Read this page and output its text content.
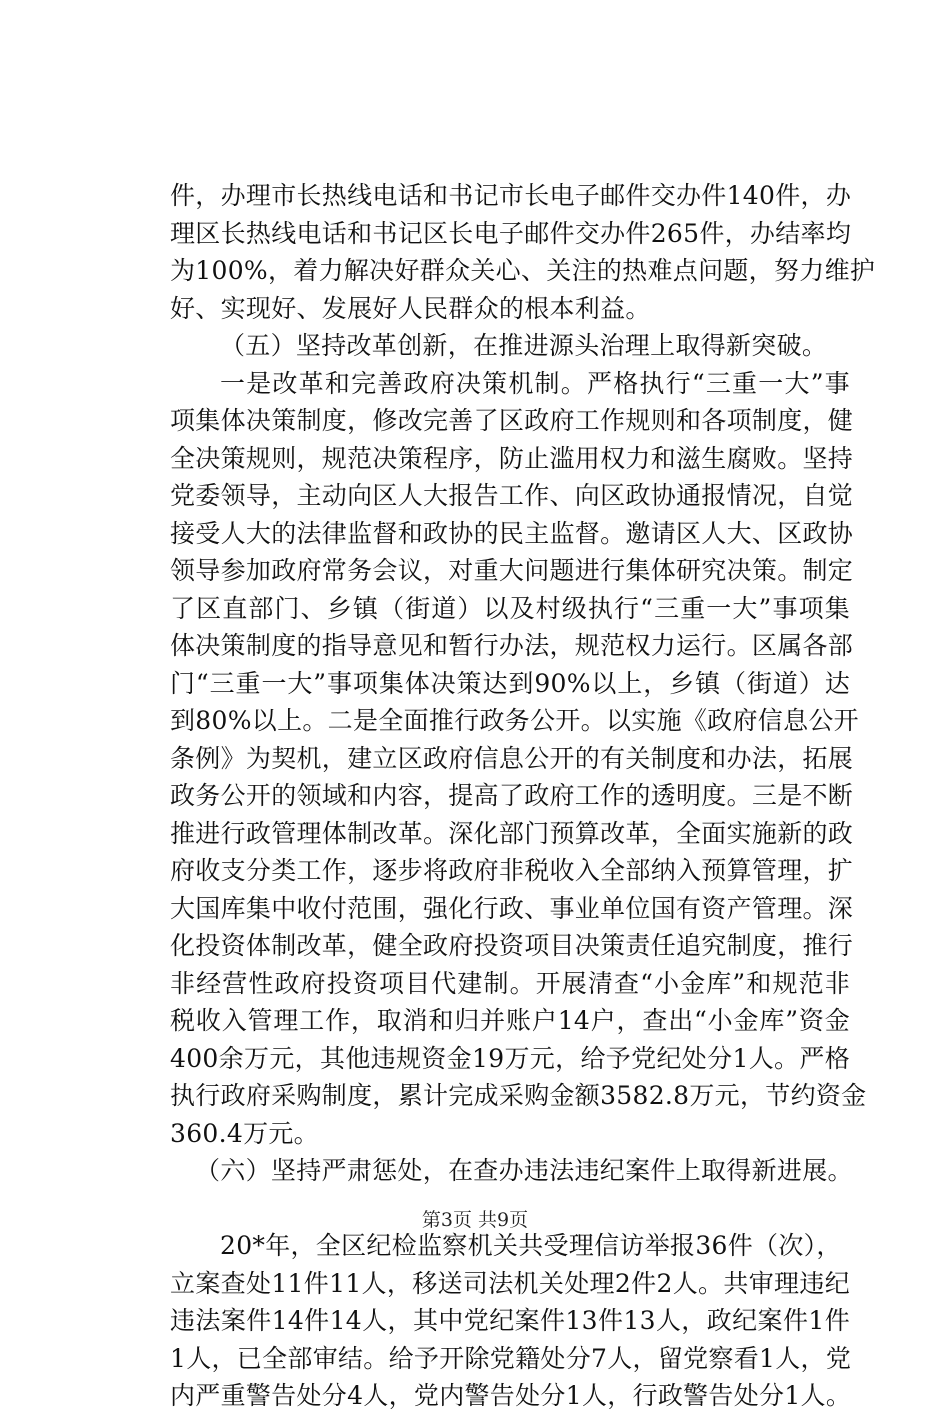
件，办理市长热线电话和书记市长电子邮件交办件140件，办
理区长热线电话和书记区长电子邮件交办件265件，办结率均
为100%，着力解决好群众关心、关注的热难点问题，努力维护
好、实现好、发展好人民群众的根本利益。
（五）坚持改革创新，在推进源头治理上取得新突破。
一是改革和完善政府决策机制。严格执行“三重一大”事
项集体决策制度，修改完善了区政府工作规则和各项制度，健
全决策规则，规范决策程序，防止滥用权力和滋生腐败。坚持
党委领导，主动向区人大报告工作、向区政协通报情况，自觉
接受人大的法律监督和政协的民主监督。邀请区人大、区政协
领导参加政府常务会议，对重大问题进行集体研究决策。制定
了区直部门、乡镇（街道）以及村级执行“三重一大”事项集
体决策制度的指导意见和暂行办法，规范权力运行。区属各部
门“三重一大”事项集体决策达到90%以上，乡镇（街道）达
到80%以上。二是全面推行政务公开。以实施《政府信息公开
条例》为契机，建立区政府信息公开的有关制度和办法，拓展
政务公开的领域和内容，提高了政府工作的透明度。三是不断
推进行政管理体制改革。深化部门预算改革，全面实施新的政
府收支分类工作，逐步将政府非税收入全部纳入预算管理，扩
大国库集中收付范围，强化行政、事业单位国有资产管理。深
化投资体制改革，健全政府投资项目决策责任追究制度，推行
非经营性政府投资项目代建制。开展清查“小金库”和规范非
税收入管理工作，取消和归并账户14户，查出“小金库”资金
400余万元，其他违规资金19万元，给予党纪处分1人。严格
执行政府采购制度，累计完成采购金额3582.8万元，节约资金
360.4万元。
（六）坚持严肃惩处，在查办违法违纪案件上取得新进展。
20*年，全区纪检监察机关共受理信访举报36件（次），
立案查处11件11人，移送司法机关处理2件2人。共审理违纪
违法案件14件14人，其中党纪案件13件13人，政纪案件1件
1人，已全部审结。给予开除党籍处分7人，留党察看1人，党
内严重警告处分4人，党内警告处分1人，行政警告处分1人。
第3页 共9页
